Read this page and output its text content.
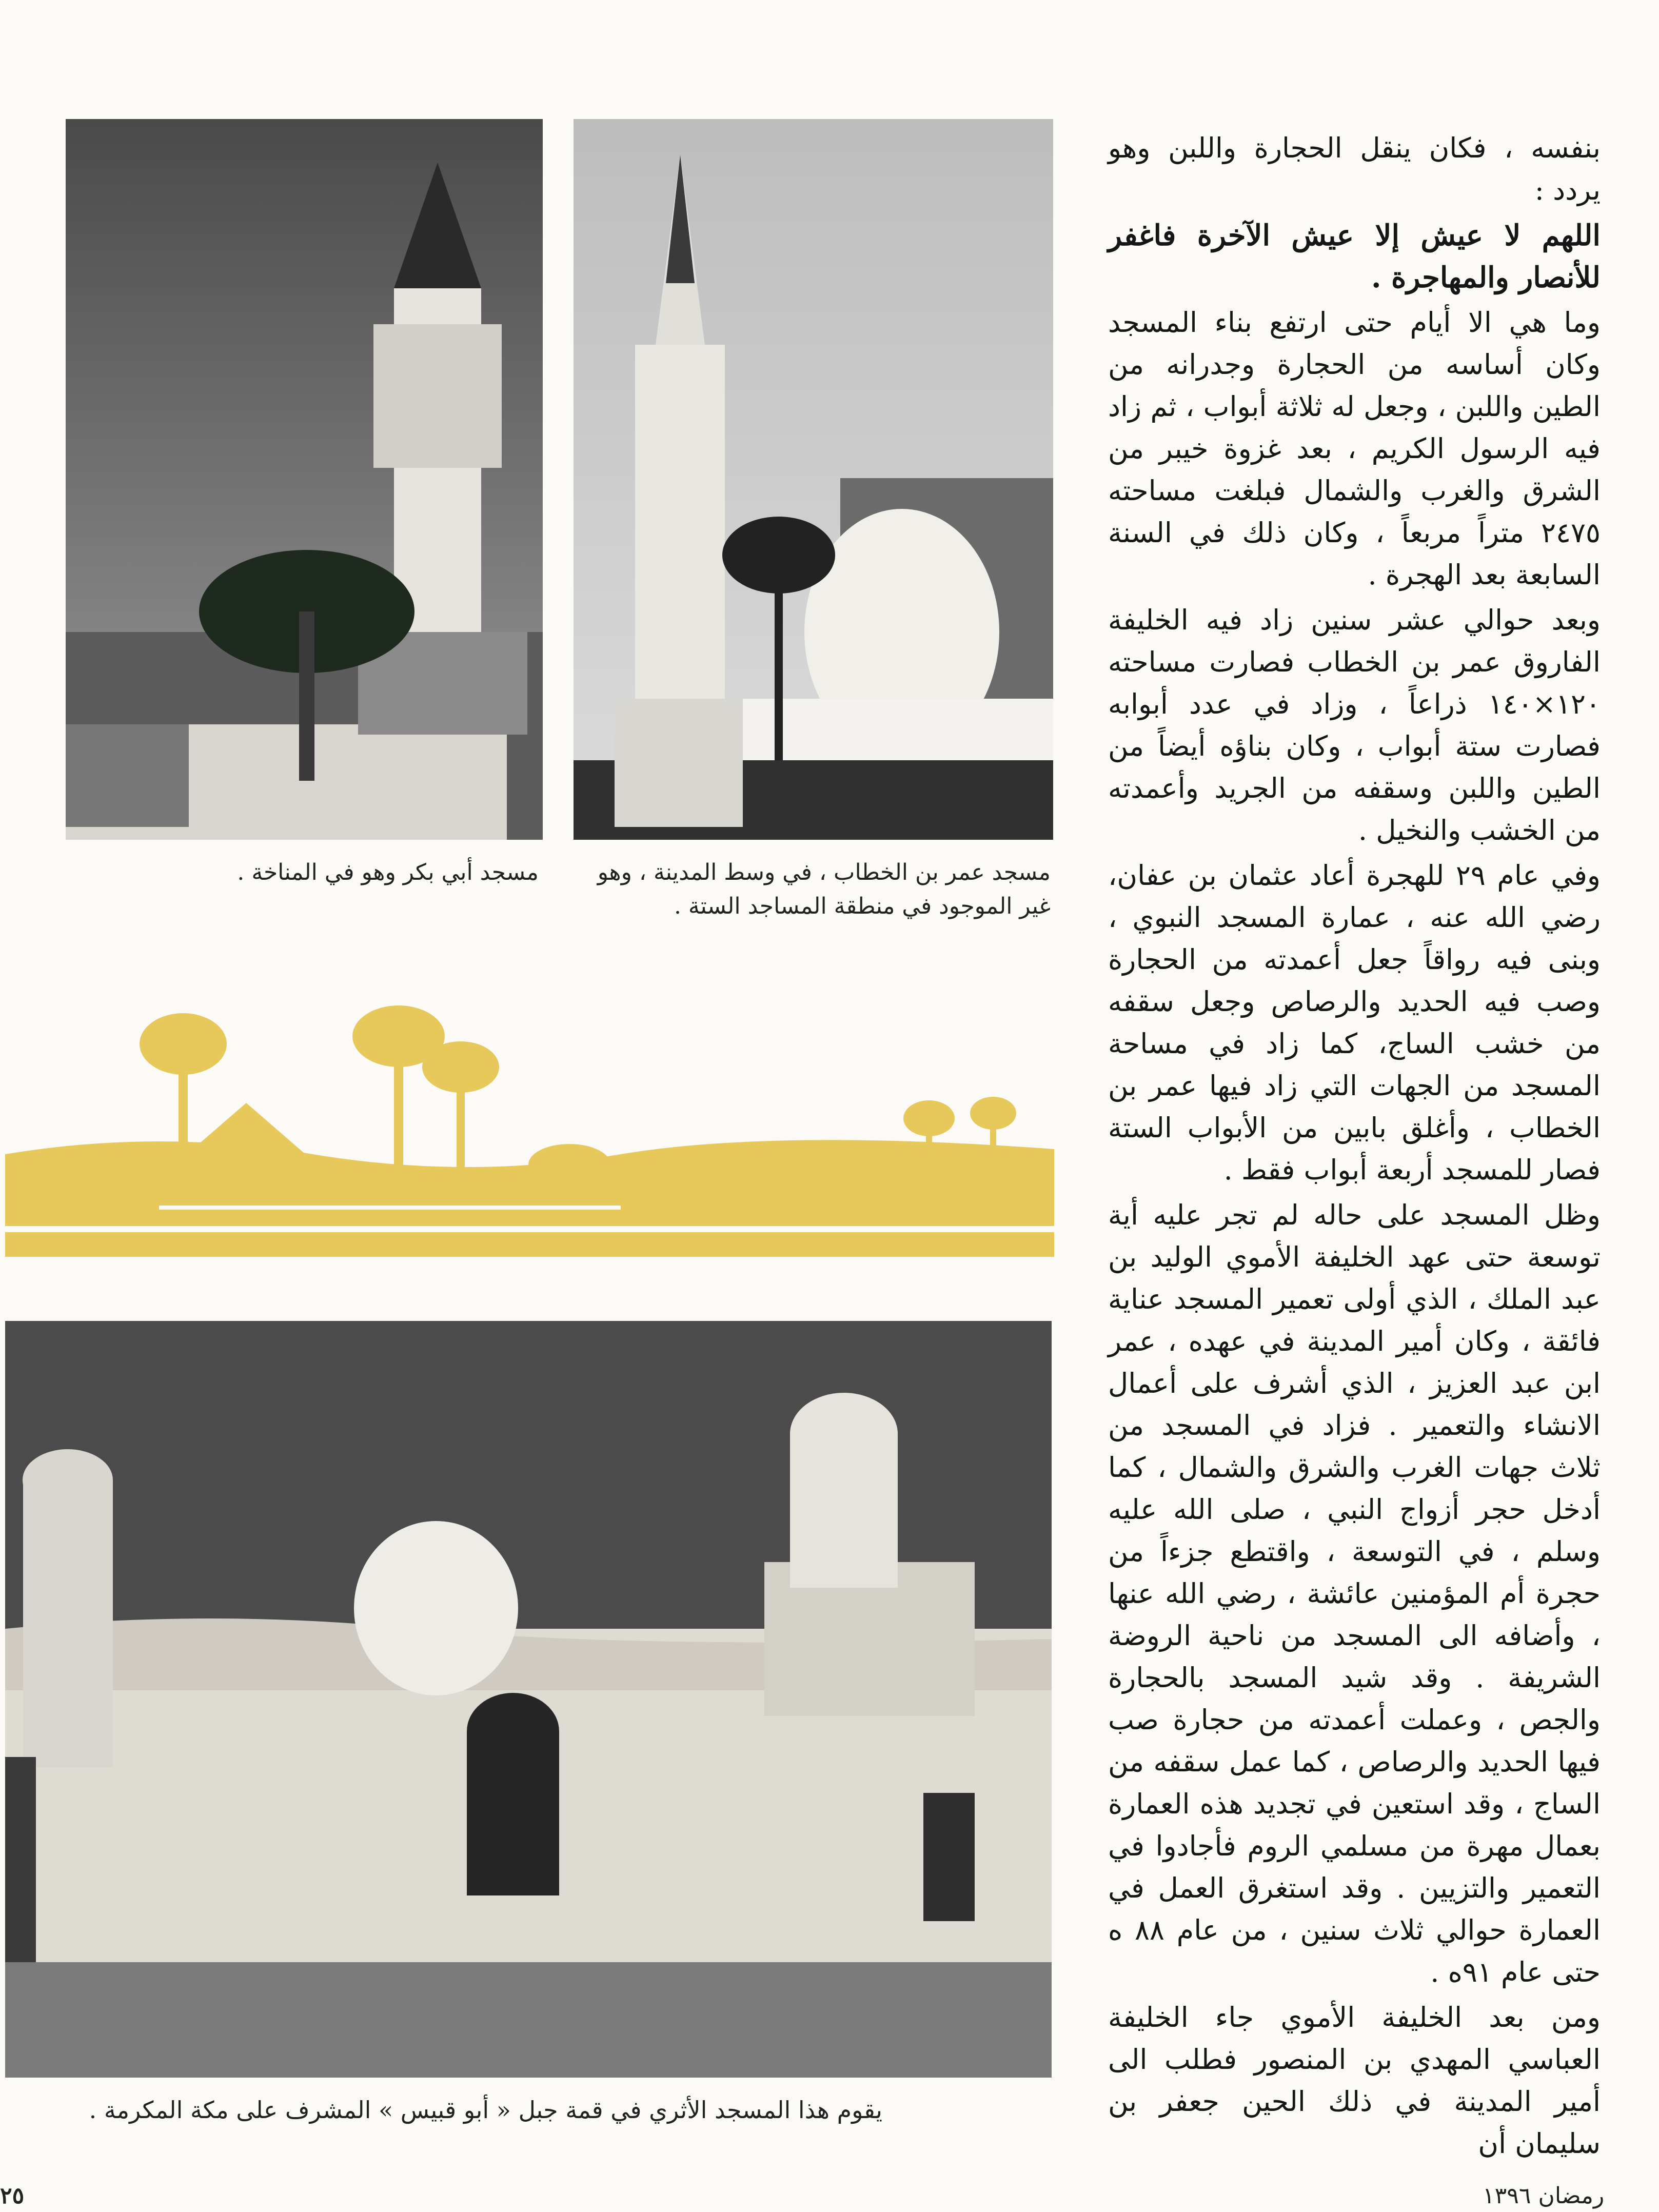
مسجد أبي بكر وهو في المناخة .	مسجد عمر بن الخطاب ، في وسط المدينة ، وهو غير الموجود في منطقة المساجد الستة .
يقوم هذا المسجد الأثري في قمة جبل « أبو قبيس » المشرف على مكة المكرمة .

بنفسه ، فكان ينقل الحجارة واللبن وهو يردد :

اللهم لا عيش إلا عيش الآخرة فاغفر للأنصار والمهاجرة .

وما هي الا أيام حتى ارتفع بناء المسجد وكان أساسه من الحجارة وجدرانه من الطين واللبن ، وجعل له ثلاثة أبواب ، ثم زاد فيه الرسول الكريم ، بعد غزوة خيبر من الشرق والغرب والشمال فبلغت مساحته ٢٤٧٥ متراً مربعاً ، وكان ذلك في السنة السابعة بعد الهجرة .

وبعد حوالي عشر سنين زاد فيه الخليفة الفاروق عمر بن الخطاب فصارت مساحته ١٢٠×١٤٠ ذراعاً ، وزاد في عدد أبوابه فصارت ستة أبواب ، وكان بناؤه أيضاً من الطين واللبن وسقفه من الجريد وأعمدته من الخشب والنخيل .

وفي عام ٢٩ للهجرة أعاد عثمان بن عفان، رضي الله عنه ، عمارة المسجد النبوي ، وبنى فيه رواقاً جعل أعمدته من الحجارة وصب فيه الحديد والرصاص وجعل سقفه من خشب الساج، كما زاد في مساحة المسجد من الجهات التي زاد فيها عمر بن الخطاب ، وأغلق بابين من الأبواب الستة فصار للمسجد أربعة أبواب فقط .

وظل المسجد على حاله لم تجر عليه أية توسعة حتى عهد الخليفة الأموي الوليد بن عبد الملك ، الذي أولى تعمير المسجد عناية فائقة ، وكان أمير المدينة في عهده ، عمر ابن عبد العزيز ، الذي أشرف على أعمال الانشاء والتعمير . فزاد في المسجد من ثلاث جهات الغرب والشرق والشمال ، كما أدخل حجر أزواج النبي ، صلى الله عليه وسلم ، في التوسعة ، واقتطع جزءاً من حجرة أم المؤمنين عائشة ، رضي الله عنها ، وأضافه الى المسجد من ناحية الروضة الشريفة . وقد شيد المسجد بالحجارة والجص ، وعملت أعمدته من حجارة صب فيها الحديد والرصاص ، كما عمل سقفه من الساج ، وقد استعين في تجديد هذه العمارة بعمال مهرة من مسلمي الروم فأجادوا في التعمير والتزيين . وقد استغرق العمل في العمارة حوالي ثلاث سنين ، من عام ٨٨ ه حتى عام ٩١ه .

ومن بعد الخليفة الأموي جاء الخليفة العباسي المهدي بن المنصور فطلب الى أمير المدينة في ذلك الحين جعفر بن سليمان أن

٢٥	رمضان ١٣٩٦
